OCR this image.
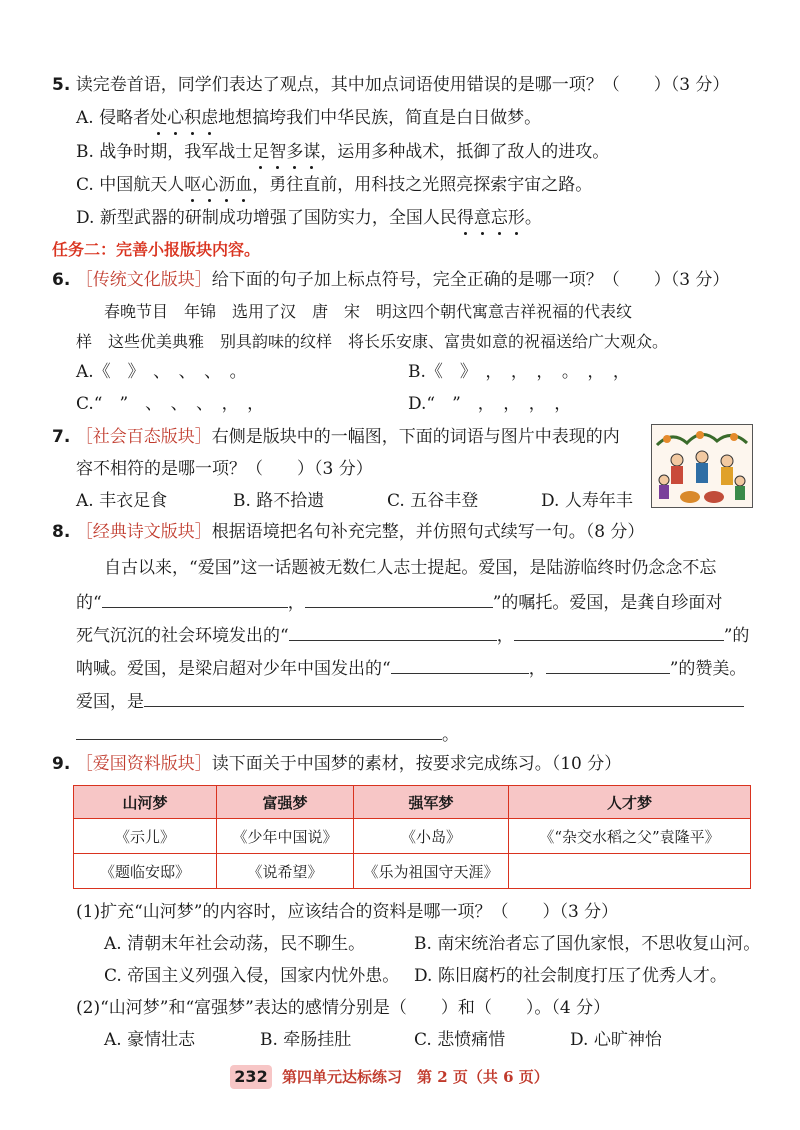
5. 读完卷首语，同学们表达了观点，其中加点词语使用错误的是哪一项？（　　）（3 分）
A. 侵略者处心积虑地想搞垮我们中华民族，简直是白日做梦。
B. 战争时期，我军战士足智多谋，运用多种战术，抵御了敌人的进攻。
C. 中国航天人呕心沥血，勇往直前，用科技之光照亮探索宇宙之路。
D. 新型武器的研制成功增强了国防实力，全国人民得意忘形。
任务二：完善小报版块内容。
6. ［传统文化版块］给下面的句子加上标点符号，完全正确的是哪一项？（　　）（3 分）
春晚节目　年锦　选用了汉　唐　宋　明这四个朝代寓意吉祥祝福的代表纹
样　这些优美典雅　别具韵味的纹样　将长乐安康、富贵如意的祝福送给广大观众。
A.《　》　、　、　、　。	B.《　》　，　，　，　。　，　，
C.“　”　、　、　、　，　，	D.“　”　，　，　，　，
7. ［社会百态版块］右侧是版块中的一幅图，下面的词语与图片中表现的内
容不相符的是哪一项？（　　）（3 分）
A. 丰衣足食	B. 路不拾遗	C. 五谷丰登	D. 人寿年丰
8. ［经典诗文版块］根据语境把名句补充完整，并仿照句式续写一句。（8 分）
自古以来，“爱国”这一话题被无数仁人志士提起。爱国，是陆游临终时仍念念不忘
的“	，	”的嘱托。爱国，是龚自珍面对
死气沉沉的社会环境发出的“	，	”的
呐喊。爱国，是梁启超对少年中国发出的“	，	”的赞美。
爱国，是
。
9. ［爱国资料版块］读下面关于中国梦的素材，按要求完成练习。（10 分）
山河梦	富强梦	强军梦	人才梦
《示儿》	《少年中国说》	《小岛》	《“杂交水稻之父”袁隆平》
《题临安邸》	《说希望》	《乐为祖国守天涯》	
(1)扩充“山河梦”的内容时，应该结合的资料是哪一项？（　　）（3 分）
A. 清朝末年社会动荡，民不聊生。	B. 南宋统治者忘了国仇家恨，不思收复山河。
C. 帝国主义列强入侵，国家内忧外患。 D. 陈旧腐朽的社会制度打压了优秀人才。
(2)“山河梦”和“富强梦”表达的感情分别是（　　）和（　　）。（4 分）
A. 豪情壮志	B. 牵肠挂肚	C. 悲愤痛惜	D. 心旷神怡
232 第四单元达标练习　第 2 页（共 6 页）
